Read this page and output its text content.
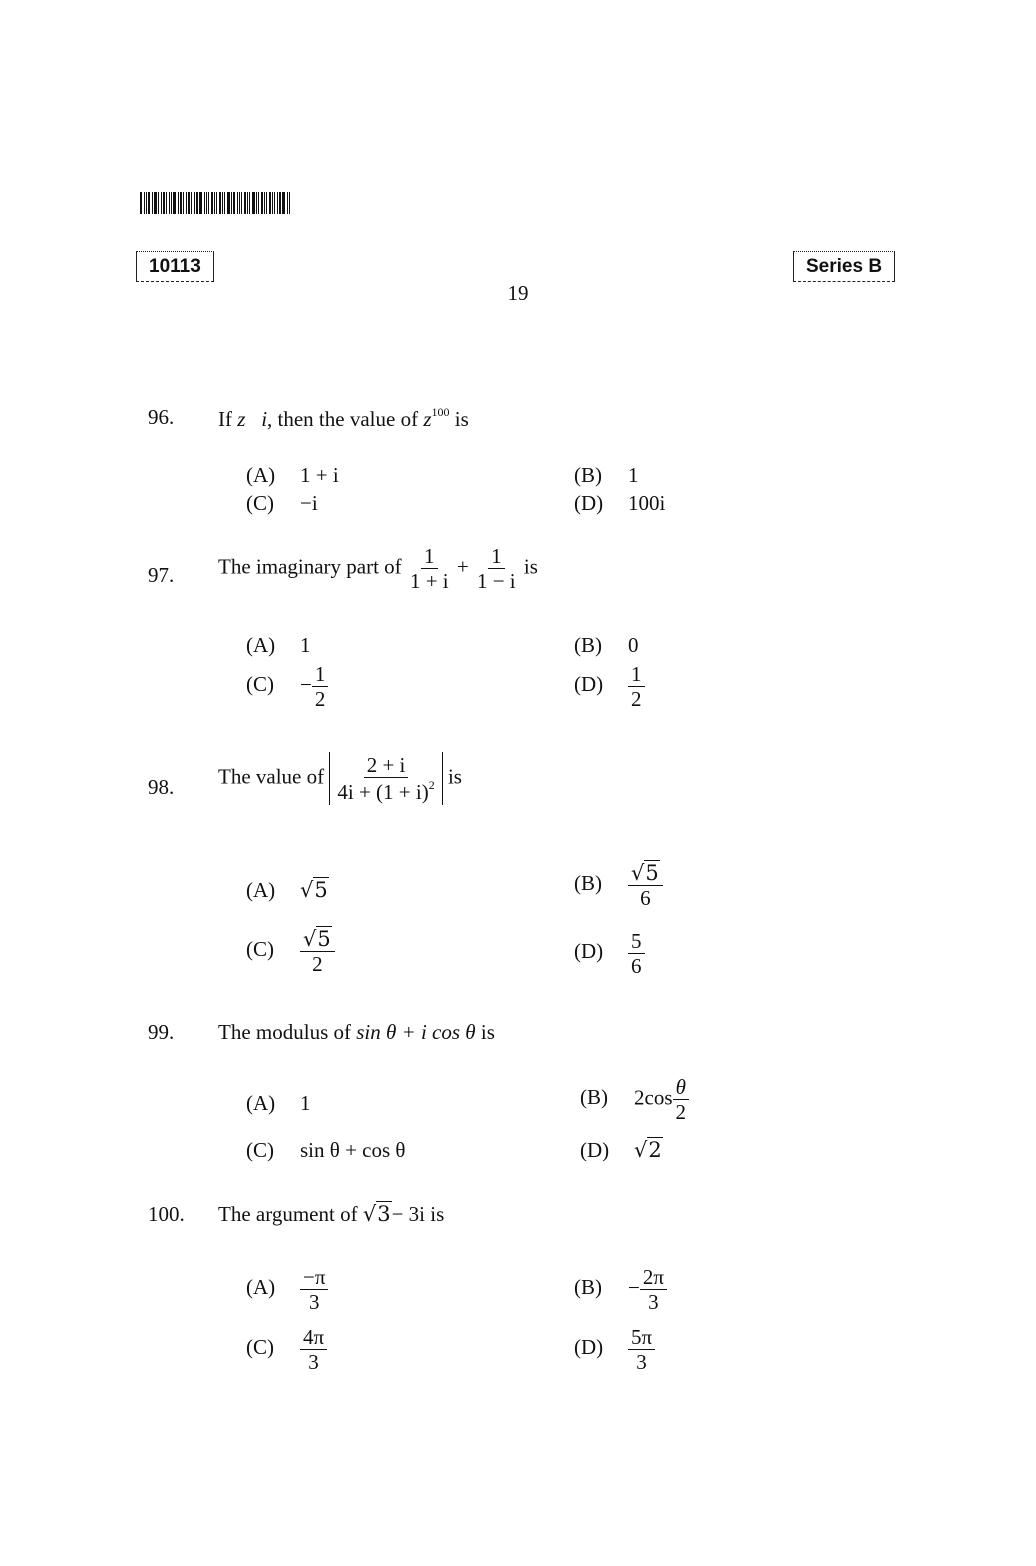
10113	Series B
19
96. If z i, then the value of $z^{100}$ is
(A) 1 + i	(B) 1
(C) −i	(D) 100i
97. The imaginary part of $\frac{1}{1 + i} + \frac{1}{1 - i}$ is
(A) 1	(B) 0
$(C) - \frac{1}{2}$	$(D) \frac{1}{2}$
98. The value of $\frac{2 + i}{4i + (1 + i)^2}$ is
(A) √5	$(B) \frac{√5}{6}$
$(C) \frac{√5}{2}$	$(D) \frac{5}{6}$
99. The modulus of sin θ + i cos θ is
(A) 1	(B) $2\cos \frac{\theta}{2}$
(C) sin θ + cos θ	(D) √2
100. The argument of √3− 3i is
$(A) \frac{-\pi}{3}$	$(B) - \frac{2\pi}{3}$
$(C) \frac{4\pi}{3}$	$(D) \frac{5\pi}{3}$
